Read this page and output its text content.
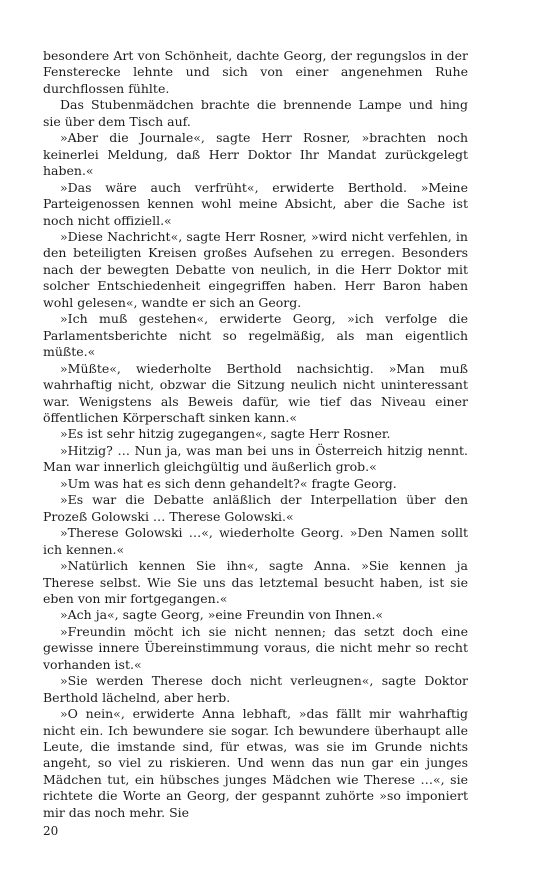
besondere Art von Schönheit, dachte Georg, der regungslos in der Fensterecke lehnte und sich von einer angenehmen Ruhe durchflossen fühlte.

Das Stubenmädchen brachte die brennende Lampe und hing sie über dem Tisch auf.

»Aber die Journale«, sagte Herr Rosner, »brachten noch keinerlei Meldung, daß Herr Doktor Ihr Mandat zurückgelegt haben.«

»Das wäre auch verfrüht«, erwiderte Berthold. »Meine Parteigenossen kennen wohl meine Absicht, aber die Sache ist noch nicht offiziell.«

»Diese Nachricht«, sagte Herr Rosner, »wird nicht verfehlen, in den beteiligten Kreisen großes Aufsehen zu erregen. Besonders nach der bewegten Debatte von neulich, in die Herr Doktor mit solcher Entschiedenheit eingegriffen haben. Herr Baron haben wohl gelesen«, wandte er sich an Georg.

»Ich muß gestehen«, erwiderte Georg, »ich verfolge die Parlamentsberichte nicht so regelmäßig, als man eigentlich müßte.«

»Müßte«, wiederholte Berthold nachsichtig. »Man muß wahrhaftig nicht, obzwar die Sitzung neulich nicht uninteressant war. Wenigstens als Beweis dafür, wie tief das Niveau einer öffentlichen Körperschaft sinken kann.«

»Es ist sehr hitzig zugegangen«, sagte Herr Rosner.

»Hitzig? … Nun ja, was man bei uns in Österreich hitzig nennt. Man war innerlich gleichgültig und äußerlich grob.«

»Um was hat es sich denn gehandelt?« fragte Georg.

»Es war die Debatte anläßlich der Interpellation über den Prozeß Golowski … Therese Golowski.«

»Therese Golowski …«, wiederholte Georg. »Den Namen sollt ich kennen.«

»Natürlich kennen Sie ihn«, sagte Anna. »Sie kennen ja Therese selbst. Wie Sie uns das letztemal besucht haben, ist sie eben von mir fortgegangen.«

»Ach ja«, sagte Georg, »eine Freundin von Ihnen.«

»Freundin möcht ich sie nicht nennen; das setzt doch eine gewisse innere Übereinstimmung voraus, die nicht mehr so recht vorhanden ist.«

»Sie werden Therese doch nicht verleugnen«, sagte Doktor Berthold lächelnd, aber herb.

»O nein«, erwiderte Anna lebhaft, »das fällt mir wahrhaftig nicht ein. Ich bewundere sie sogar. Ich bewundere überhaupt alle Leute, die imstande sind, für etwas, was sie im Grunde nichts angeht, so viel zu riskieren. Und wenn das nun gar ein junges Mädchen tut, ein hübsches junges Mädchen wie Therese …«, sie richtete die Worte an Georg, der gespannt zuhörte »so imponiert mir das noch mehr. Sie

20
